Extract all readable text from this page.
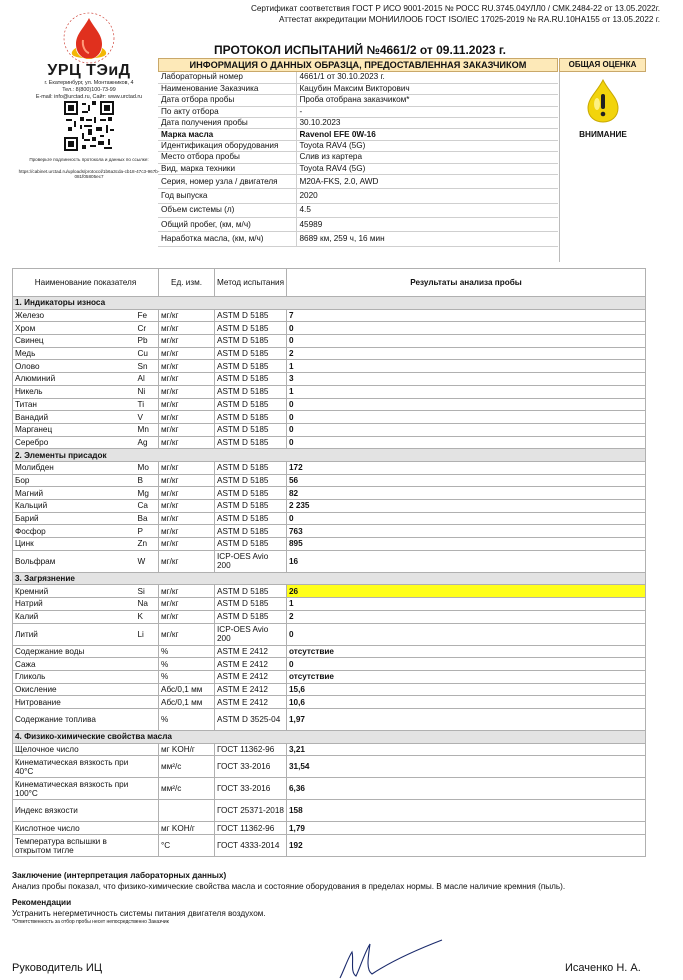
УРЦ ТЭиД
г. Екатеринбург, ул. Монтажников, 4
Тел.: 8(800)100-73-99
E-mail: info@urctad.ru, Сайт: www.urctad.ru
Проверьте подлинность протокола и данных по ссылке:
https://cabinet.urctad.ru/uploads/protocol/1b6a3cda-cb18-47c3-967b-081f05805ec7
Сертификат соответствия ГОСТ Р ИСО 9001-2015 № РОСС RU.3745.04УЛЛ0 / СМК.2484-22 от 13.05.2022г.
Аттестат аккредитации МОНИИЛООБ ГОСТ ISO/IEC 17025-2019 № RA.RU.10НА155 от 13.05.2022 г.
ПРОТОКОЛ ИСПЫТАНИЙ №4661/2 от 09.11.2023 г.
ИНФОРМАЦИЯ О ДАННЫХ ОБРАЗЦА, ПРЕДОСТАВЛЕННАЯ ЗАКАЗЧИКОМ	ОБЩАЯ ОЦЕНКА
ВНИМАНИЕ
Лабораторный номер	4661/1 от 30.10.2023 г.
Наименование Заказчика	Кацубин Максим Викторович
Дата отбора пробы	Проба отобрана заказчиком*
По акту отбора	-
Дата получения пробы	30.10.2023
Марка масла	Ravenol EFE 0W-16
Идентификация оборудования	Toyota RAV4 (5G)
Место отбора пробы	Слив из картера
Вид, марка техники	Toyota RAV4 (5G)
Серия, номер узла / двигателя	M20A-FKS, 2.0, AWD
Год выпуска	2020
Объем системы (л)	4.5
Общий пробег, (км, м/ч)	45989
Наработка масла, (км, м/ч)	8689 км, 259 ч, 16 мин
Наименование показателя		Ед. изм.	Метод испытания	Результаты анализа пробы
1. Индикаторы износа				
Железо	Fe	мг/кг	ASTM D 5185	7
Хром	Cr	мг/кг	ASTM D 5185	0
Свинец	Pb	мг/кг	ASTM D 5185	0
Медь	Cu	мг/кг	ASTM D 5185	2
Олово	Sn	мг/кг	ASTM D 5185	1
Алюминий	Al	мг/кг	ASTM D 5185	3
Никель	Ni	мг/кг	ASTM D 5185	1
Титан	Ti	мг/кг	ASTM D 5185	0
Ванадий	V	мг/кг	ASTM D 5185	0
Марганец	Mn	мг/кг	ASTM D 5185	0
Серебро	Ag	мг/кг	ASTM D 5185	0
2. Элементы присадок				
Молибден	Mo	мг/кг	ASTM D 5185	172
Бор	B	мг/кг	ASTM D 5185	56
Магний	Mg	мг/кг	ASTM D 5185	82
Кальций	Ca	мг/кг	ASTM D 5185	2 235
Барий	Ba	мг/кг	ASTM D 5185	0
Фосфор	P	мг/кг	ASTM D 5185	763
Цинк	Zn	мг/кг	ASTM D 5185	895
Вольфрам	W	мг/кг	ICP-OES Avio 200	16
3. Загрязнение				
Кремний	Si	мг/кг	ASTM D 5185	26
Натрий	Na	мг/кг	ASTM D 5185	1
Калий	K	мг/кг	ASTM D 5185	2
Литий	Li	мг/кг	ICP-OES Avio 200	0
Содержание воды		%	ASTM E 2412	отсутствие
Сажа		%	ASTM E 2412	0
Гликоль		%	ASTM E 2412	отсутствие
Окисление		Абс/0,1 мм	ASTM E 2412	15,6
Нитрование		Абс/0,1 мм	ASTM E 2412	10,6
Содержание топлива		%	ASTM D 3525-04	1,97
4. Физико-химические свойства масла				
Щелочное число		мг KOH/г	ГОСТ 11362-96	3,21
Кинематическая вязкость при 40°С		мм²/с	ГОСТ 33-2016	31,54
Кинематическая вязкость при 100°С		мм²/с	ГОСТ 33-2016	6,36
Индекс вязкости			ГОСТ 25371-2018	158
Кислотное число		мг KOH/г	ГОСТ 11362-96	1,79
Температура вспышки в открытом тигле		°С	ГОСТ 4333-2014	192
Заключение (интерпретация лабораторных данных)
Анализ пробы показал, что физико-химические свойства масла и состояние оборудования в пределах нормы. В масле наличие кремния (пыль).
Рекомендации
Устранить негерметичность системы питания двигателя воздухом.
*Ответственность за отбор пробы несет непосредственно Заказчик
Руководитель ИЦ	Исаченко Н. А.
